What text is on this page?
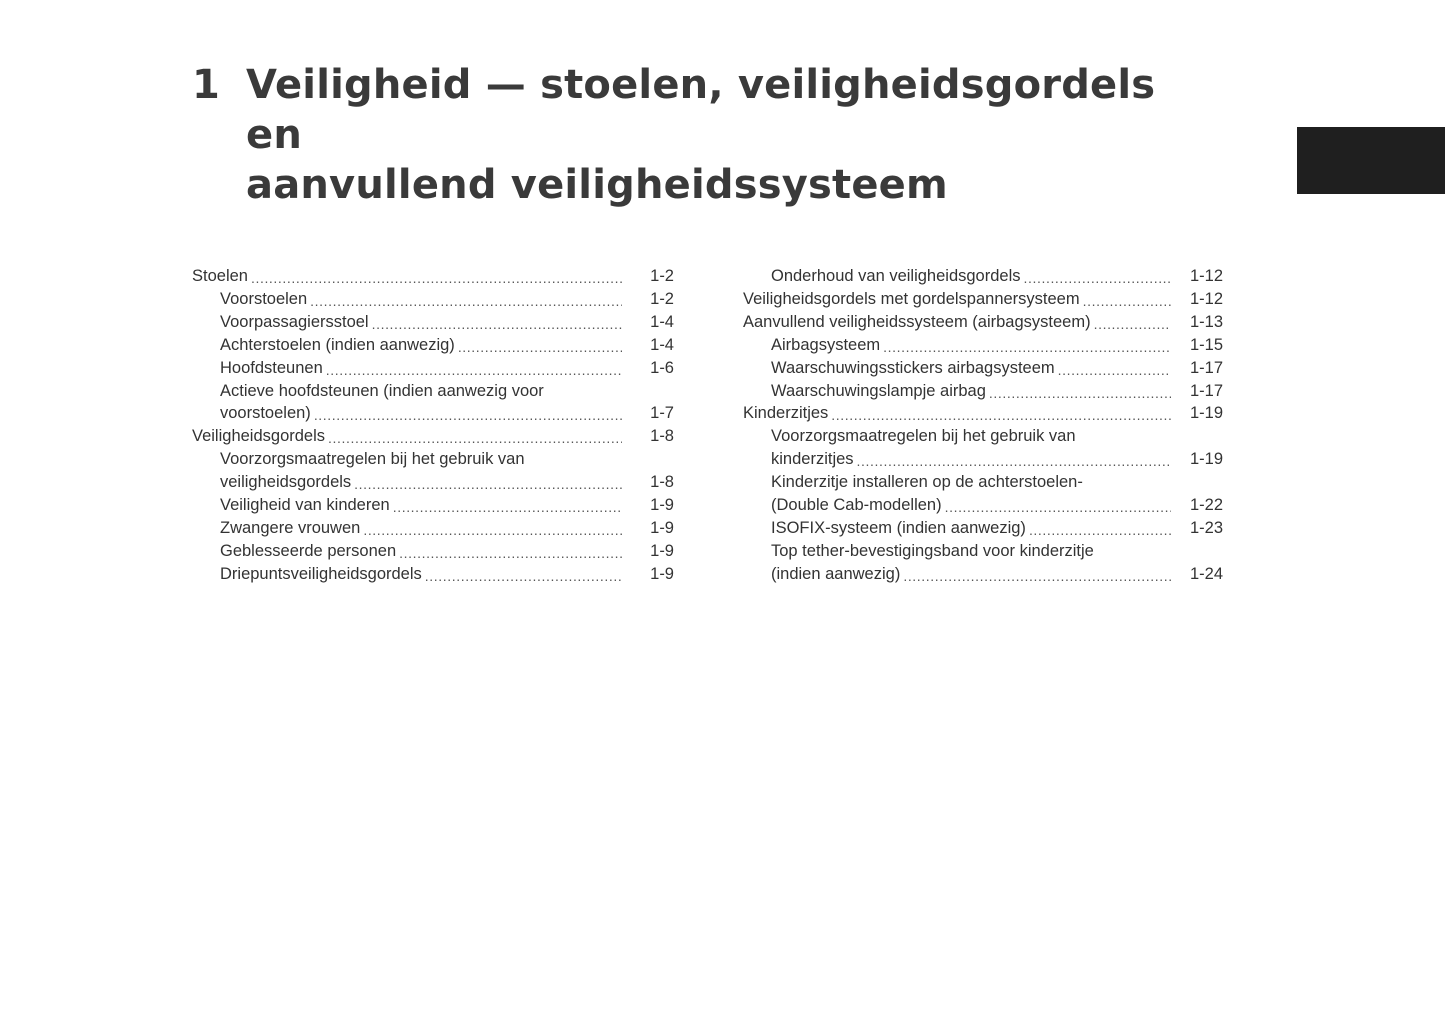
1 Veiligheid — stoelen, veiligheidsgordels en
aanvullend veiligheidssysteem
Stoelen .....	1-2
Voorstoelen .....	1-2
Voorpassagiersstoel .....	1-4
Achterstoelen (indien aanwezig) .....	1-4
Hoofdsteunen .....	1-6
Actieve hoofdsteunen (indien aanwezig voor
voorstoelen) .....	1-7
Veiligheidsgordels .....	1-8
Voorzorgsmaatregelen bij het gebruik van
veiligheidsgordels .....	1-8
Veiligheid van kinderen .....	1-9
Zwangere vrouwen .....	1-9
Geblesseerde personen .....	1-9
Driepuntsveiligheidsgordels .....	1-9
Onderhoud van veiligheidsgordels .....	1-12
Veiligheidsgordels met gordelspannersysteem .....	1-12
Aanvullend veiligheidssysteem (airbagsysteem) .....	1-13
Airbagsysteem .....	1-15
Waarschuwingsstickers airbagsysteem .....	1-17
Waarschuwingslampje airbag .....	1-17
Kinderzitjes .....	1-19
Voorzorgsmaatregelen bij het gebruik van
kinderzitjes .....	1-19
Kinderzitje installeren op de achterstoelen-
(Double Cab-modellen) .....	1-22
ISOFIX-systeem (indien aanwezig) .....	1-23
Top tether-bevestigingsband voor kinderzitje
(indien aanwezig) .....	1-24
